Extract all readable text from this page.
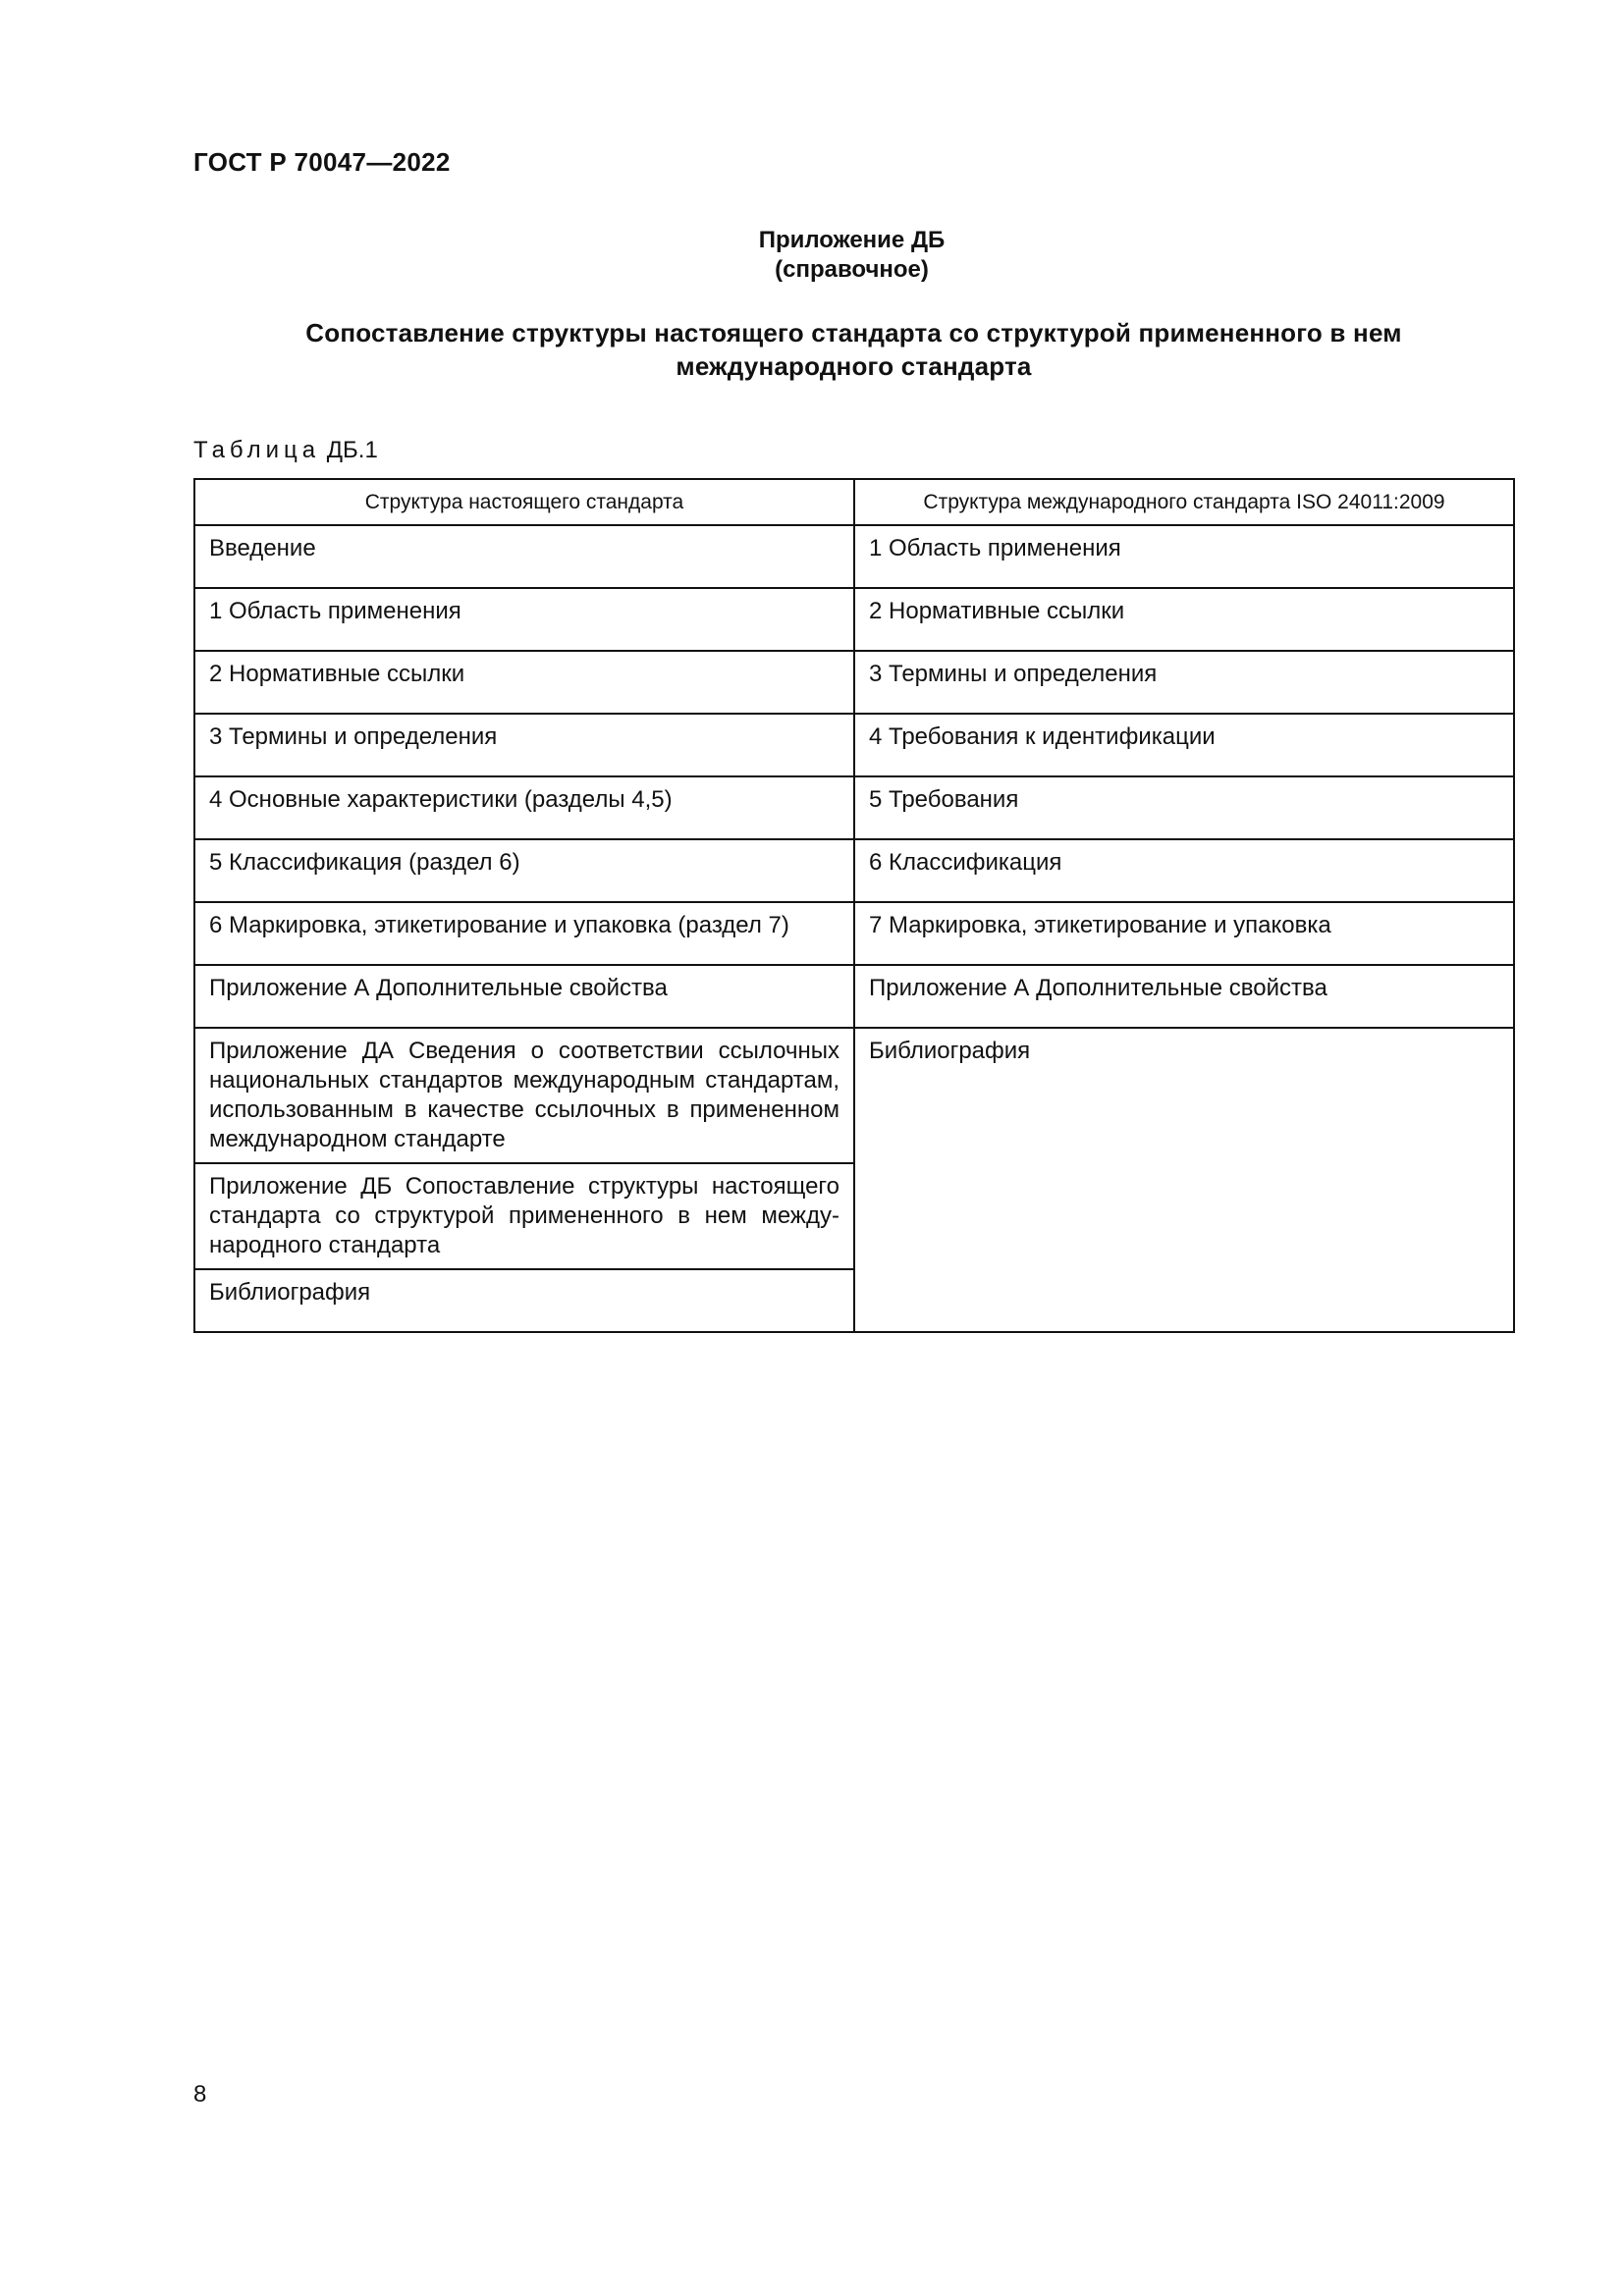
ГОСТ Р 70047—2022
Приложение ДБ
(справочное)
Сопоставление структуры настоящего стандарта со структурой примененного в нем
международного стандарта
Таблица ДБ.1
Структура настоящего стандарта	Структура международного стандарта ISO 24011:2009
Введение	1 Область применения
1 Область применения	2 Нормативные ссылки
2 Нормативные ссылки	3 Термины и определения
3 Термины и определения	4 Требования к идентификации
4 Основные характеристики (разделы 4,5)	5 Требования
5 Классификация (раздел 6)	6 Классификация
6 Маркировка, этикетирование и упаковка (раздел 7)	7 Маркировка, этикетирование и упаковка
Приложение А Дополнительные свойства	Приложение А Дополнительные свойства
Приложение ДА Сведения о соответствии ссылочных национальных стандартов международным стандартам, использованным в качестве ссылочных в примененном международном стандарте	Библиография
Приложение ДБ Сопоставление структуры настоящего стандарта со структурой примененного в нем международного стандарта	
Библиография	
8
